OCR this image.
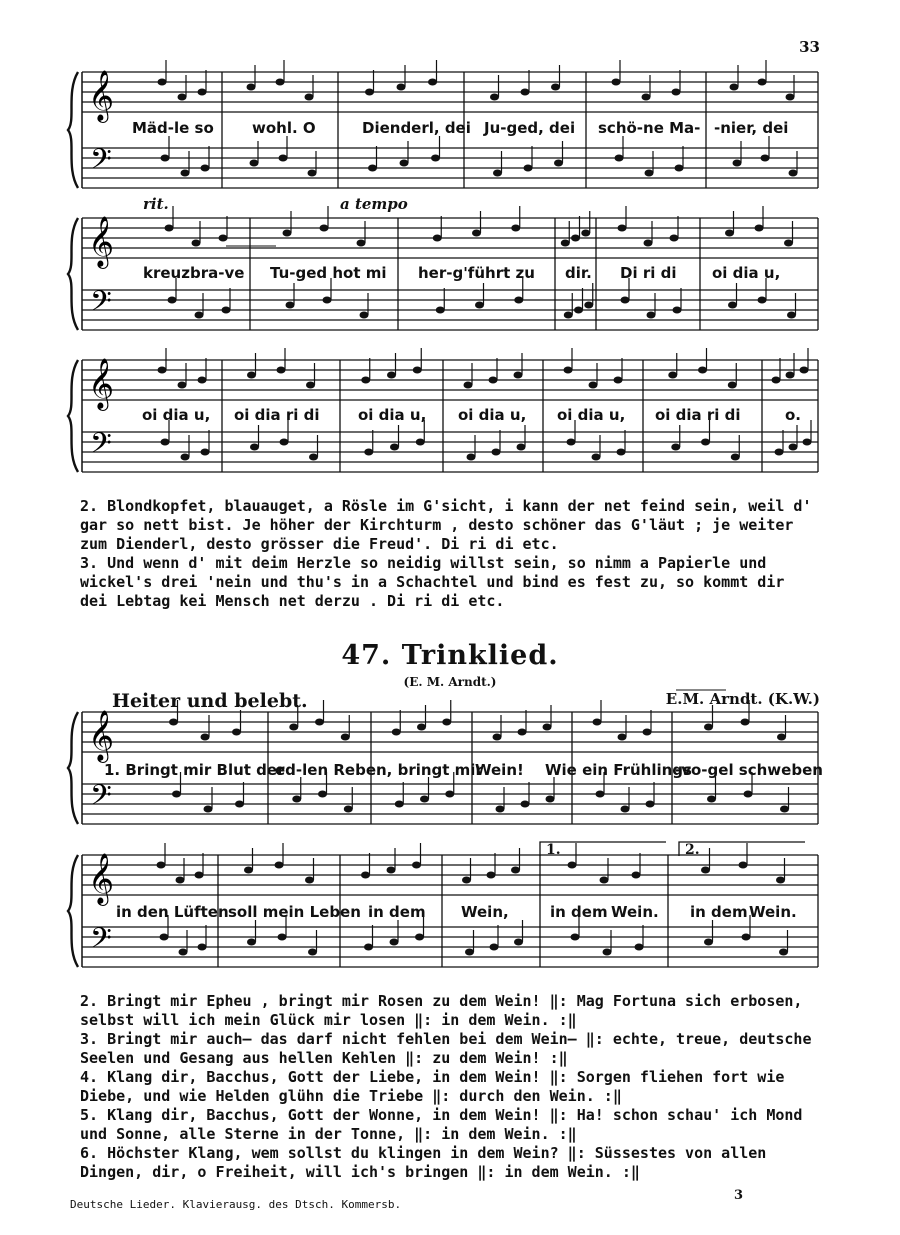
33
𝄞
𝄢
𝄞
𝄢
𝄞
𝄢
𝄞
𝄢
𝄞
𝄢
Mäd-le so	wohl. O	Dienderl, dei Ju-ged, dei schö-ne Ma- -nier, dei
rit.	a tempo
kreuzbra-ve Tu-ged hot mi her-g'führt zu dir. Di ri di oi dia u,
oi dia u, oi dia ri di	oi dia u, oi dia u, oi dia u, oi dia ri di	o.

2. Blondkopfet, blauauget, a Rösle im G'sicht, i kann der net feind sein, weil d' gar so nett bist. Je höher der Kirchturm , desto schöner das G'läut ; je weiter zum Dienderl, desto grösser die Freud'. Di ri di etc.

3. Und wenn d' mit deim Herzle so neidig willst sein, so nimm a Papierle und wickel's drei 'nein und thu's in a Schachtel und bind es fest zu, so kommt dir dei Lebtag kei Mensch net derzu . Di ri di etc.

47. Trinklied.
(E. M. Arndt.)
Heiter und belebt.	E.M. Arndt. (K.W.)
1. Bringt mir Blut der
ed-len Reben, bringt mir
Wein! Wie ein Frühlings
-vo-gel schweben
1.	2.
in den Lüften soll mein Leben in dem Wein,	in dem Wein. in dem Wein.

2. Bringt mir Epheu , bringt mir Rosen zu dem Wein! ‖: Mag Fortuna sich erbosen, selbst will ich mein Glück mir losen ‖: in dem Wein. :‖

3. Bringt mir auch— das darf nicht fehlen bei dem Wein— ‖: echte, treue, deutsche Seelen und Gesang aus hellen Kehlen ‖: zu dem Wein! :‖

4. Klang dir, Bacchus, Gott der Liebe, in dem Wein! ‖: Sorgen fliehen fort wie Diebe, und wie Helden glühn die Triebe ‖: durch den Wein. :‖

5. Klang dir, Bacchus, Gott der Wonne, in dem Wein! ‖: Ha! schon schau' ich Mond und Sonne, alle Sterne in der Tonne, ‖: in dem Wein. :‖

6. Höchster Klang, wem sollst du klingen in dem Wein? ‖: Süssestes von allen Dingen, dir, o Freiheit, will ich's bringen ‖: in dem Wein. :‖

Deutsche Lieder. Klavierausg. des Dtsch. Kommersb.
3
